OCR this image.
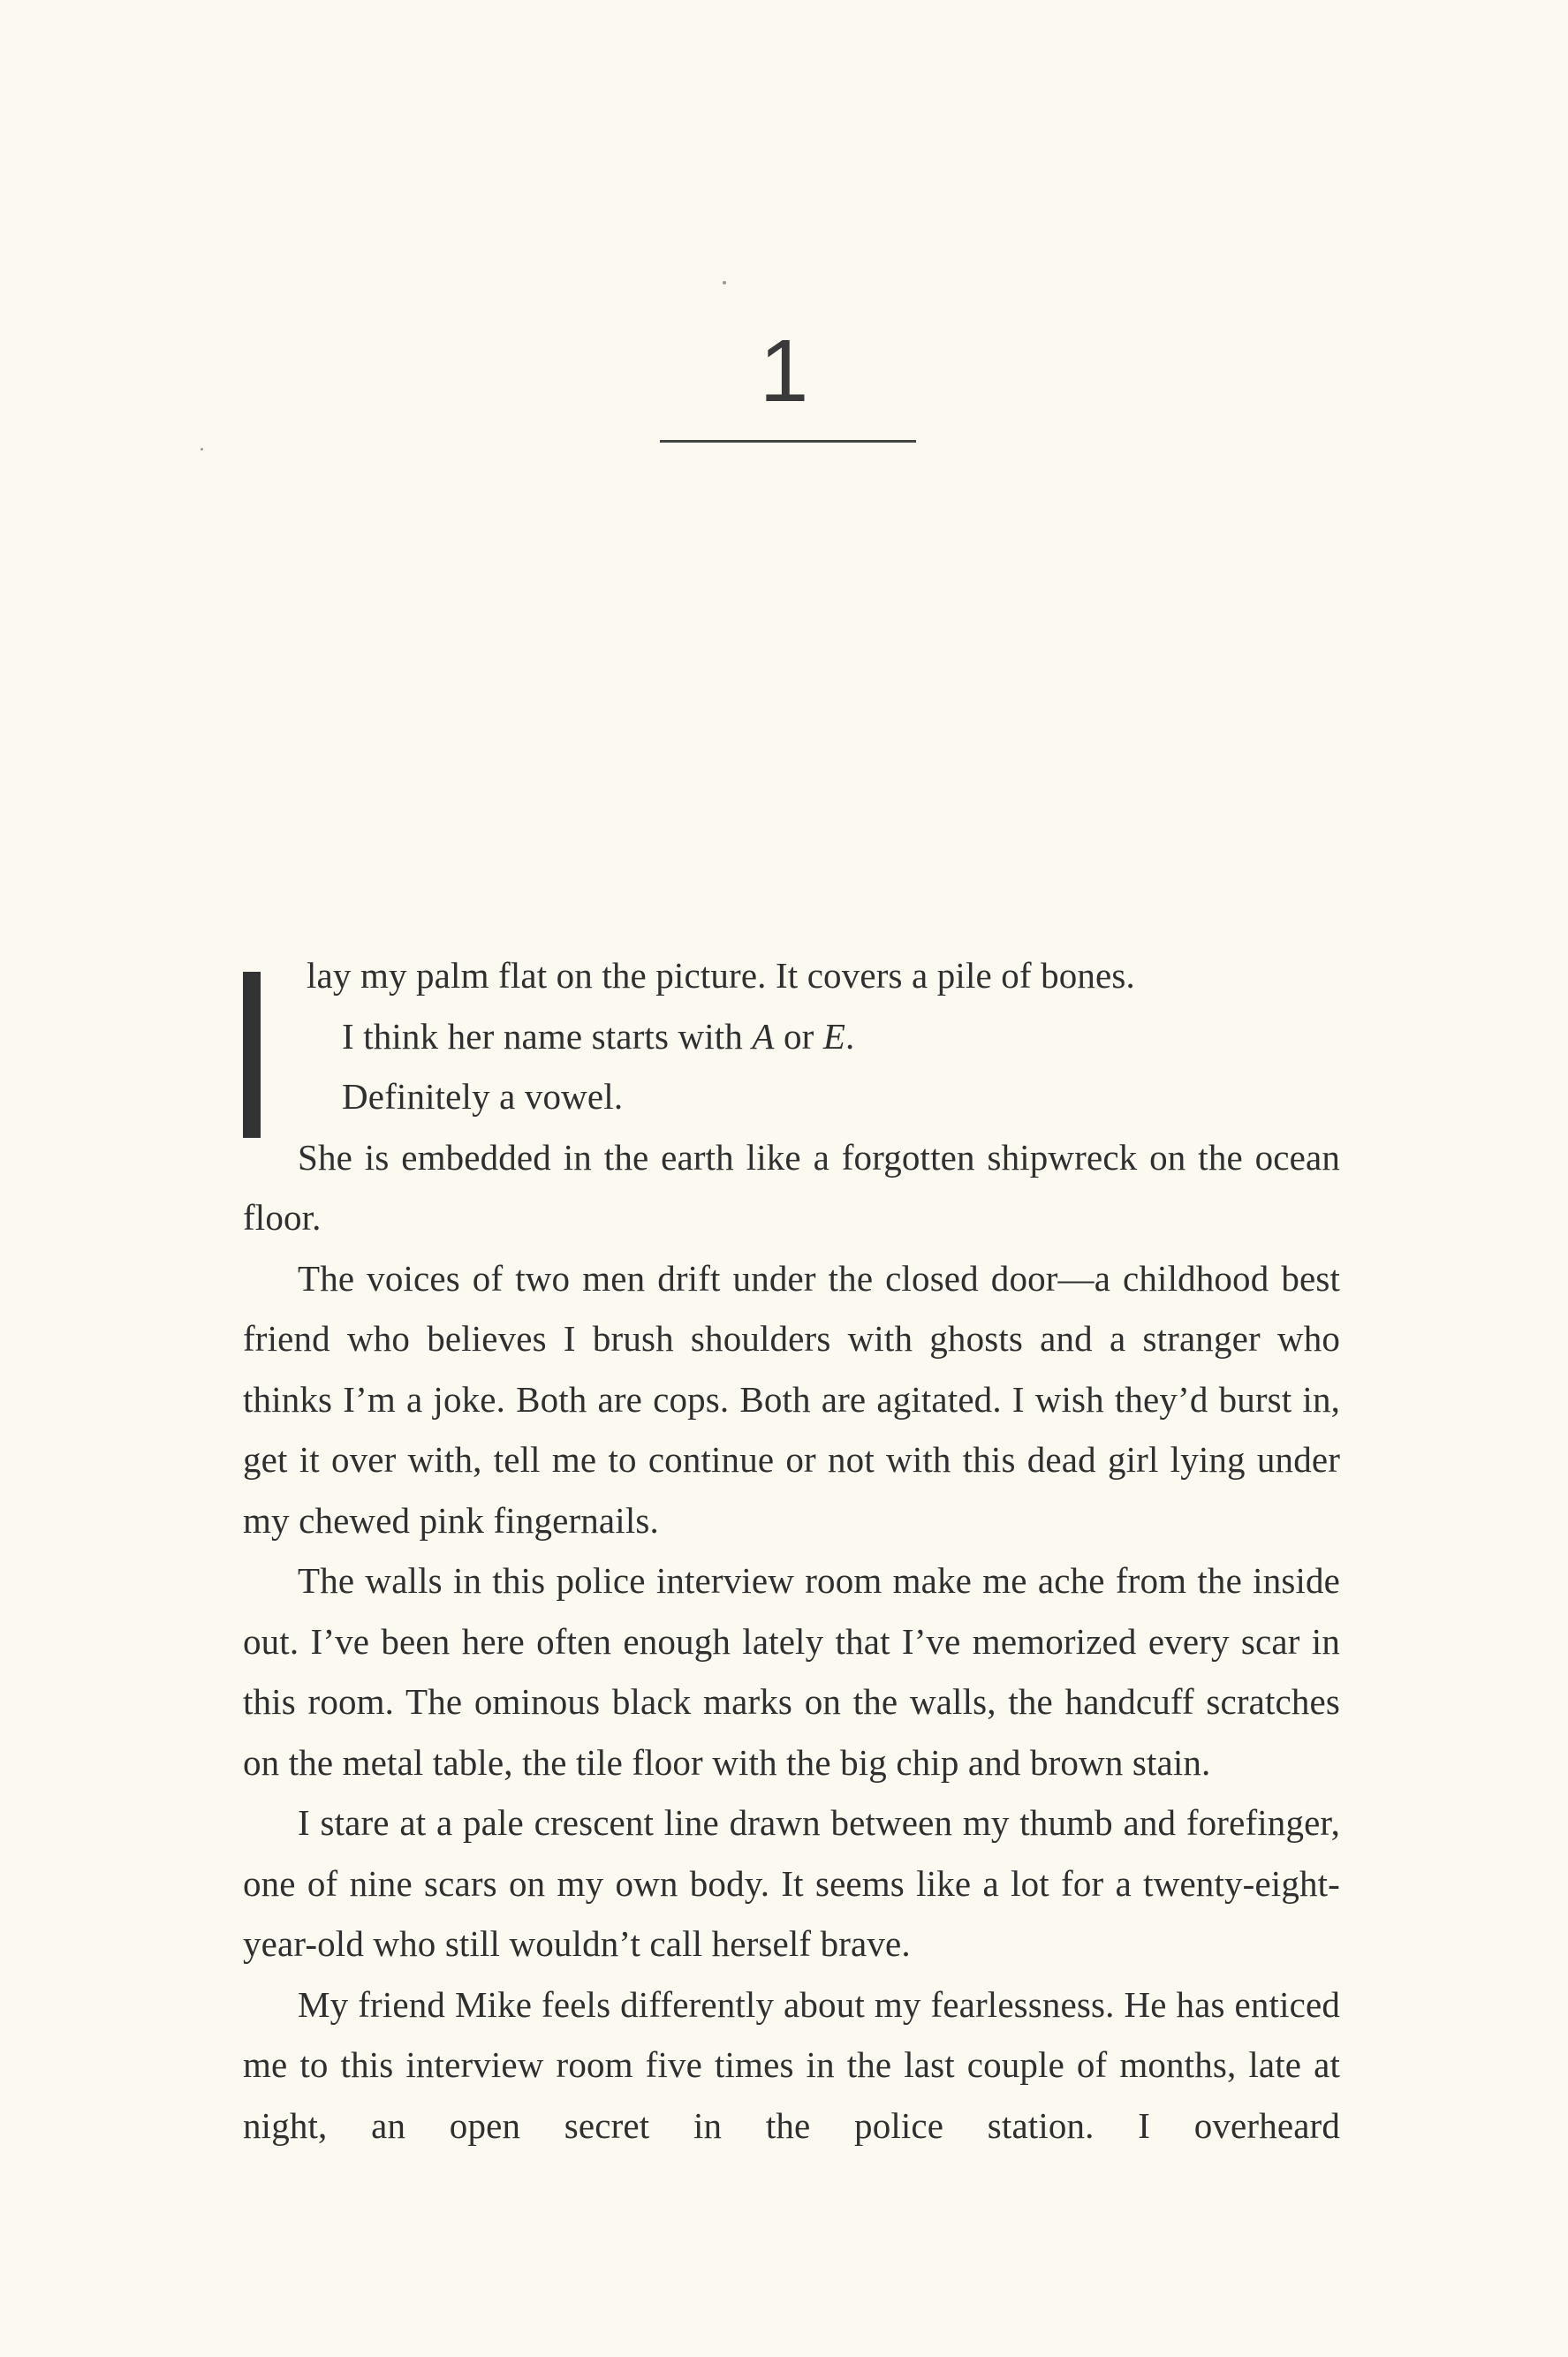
1

lay my palm flat on the picture. It covers a pile of bones.

I think her name starts with A or E.

Definitely a vowel.

She is embedded in the earth like a forgotten shipwreck on the ocean floor.

The voices of two men drift under the closed door—a childhood best friend who believes I brush shoulders with ghosts and a stranger who thinks I’m a joke. Both are cops. Both are agitated. I wish they’d burst in, get it over with, tell me to continue or not with this dead girl lying under my chewed pink fingernails.

The walls in this police interview room make me ache from the inside out. I’ve been here often enough lately that I’ve memorized every scar in this room. The ominous black marks on the walls, the handcuff scratches on the metal table, the tile floor with the big chip and brown stain.

I stare at a pale crescent line drawn between my thumb and forefinger, one of nine scars on my own body. It seems like a lot for a twenty-eight-year-old who still wouldn’t call herself brave.

My friend Mike feels differently about my fearlessness. He has enticed me to this interview room five times in the last couple of months, late at night, an open secret in the police station. I overheard
